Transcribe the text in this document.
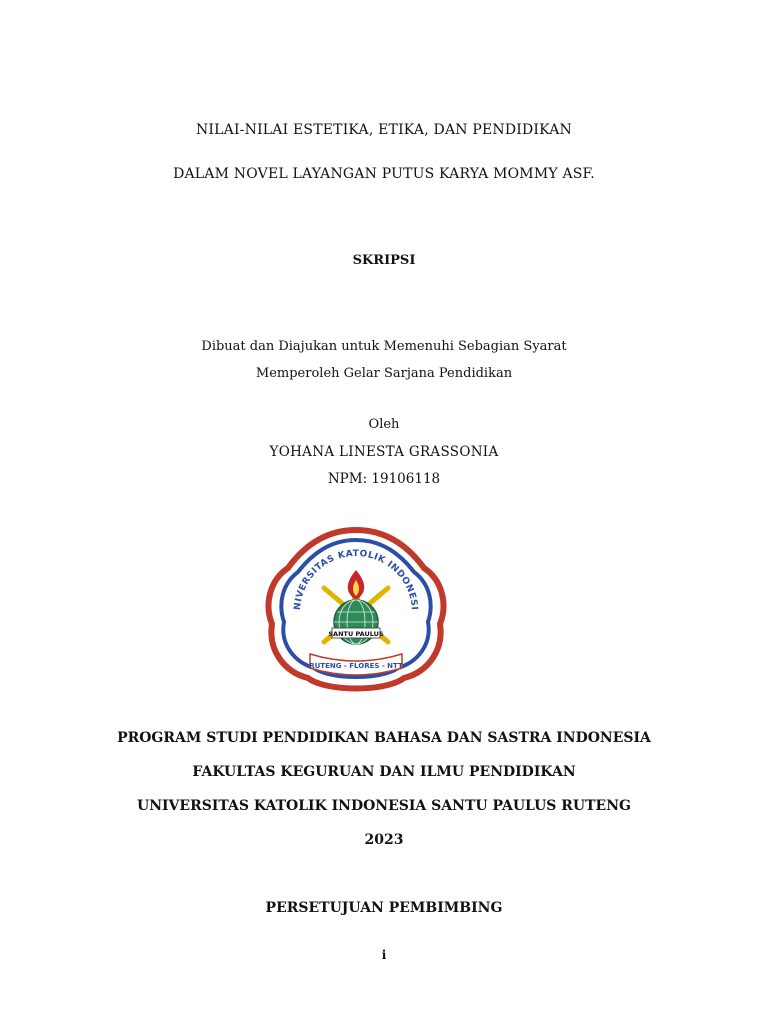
NILAI-NILAI ESTETIKA, ETIKA, DAN PENDIDIKAN
DALAM NOVEL LAYANGAN PUTUS KARYA MOMMY ASF.
SKRIPSI
Dibuat dan Diajukan untuk Memenuhi Sebagian Syarat
Memperoleh Gelar Sarjana Pendidikan
Oleh
YOHANA LINESTA GRASSONIA
NPM: 19106118
NIVERSITAS KATOLIK INDONESI
SANTU PAULUS
RUTENG - FLORES - NTT
PROGRAM STUDI PENDIDIKAN BAHASA DAN SASTRA INDONESIA
FAKULTAS KEGURUAN DAN ILMU PENDIDIKAN
UNIVERSITAS KATOLIK INDONESIA SANTU PAULUS RUTENG
2023
PERSETUJUAN PEMBIMBING
i
